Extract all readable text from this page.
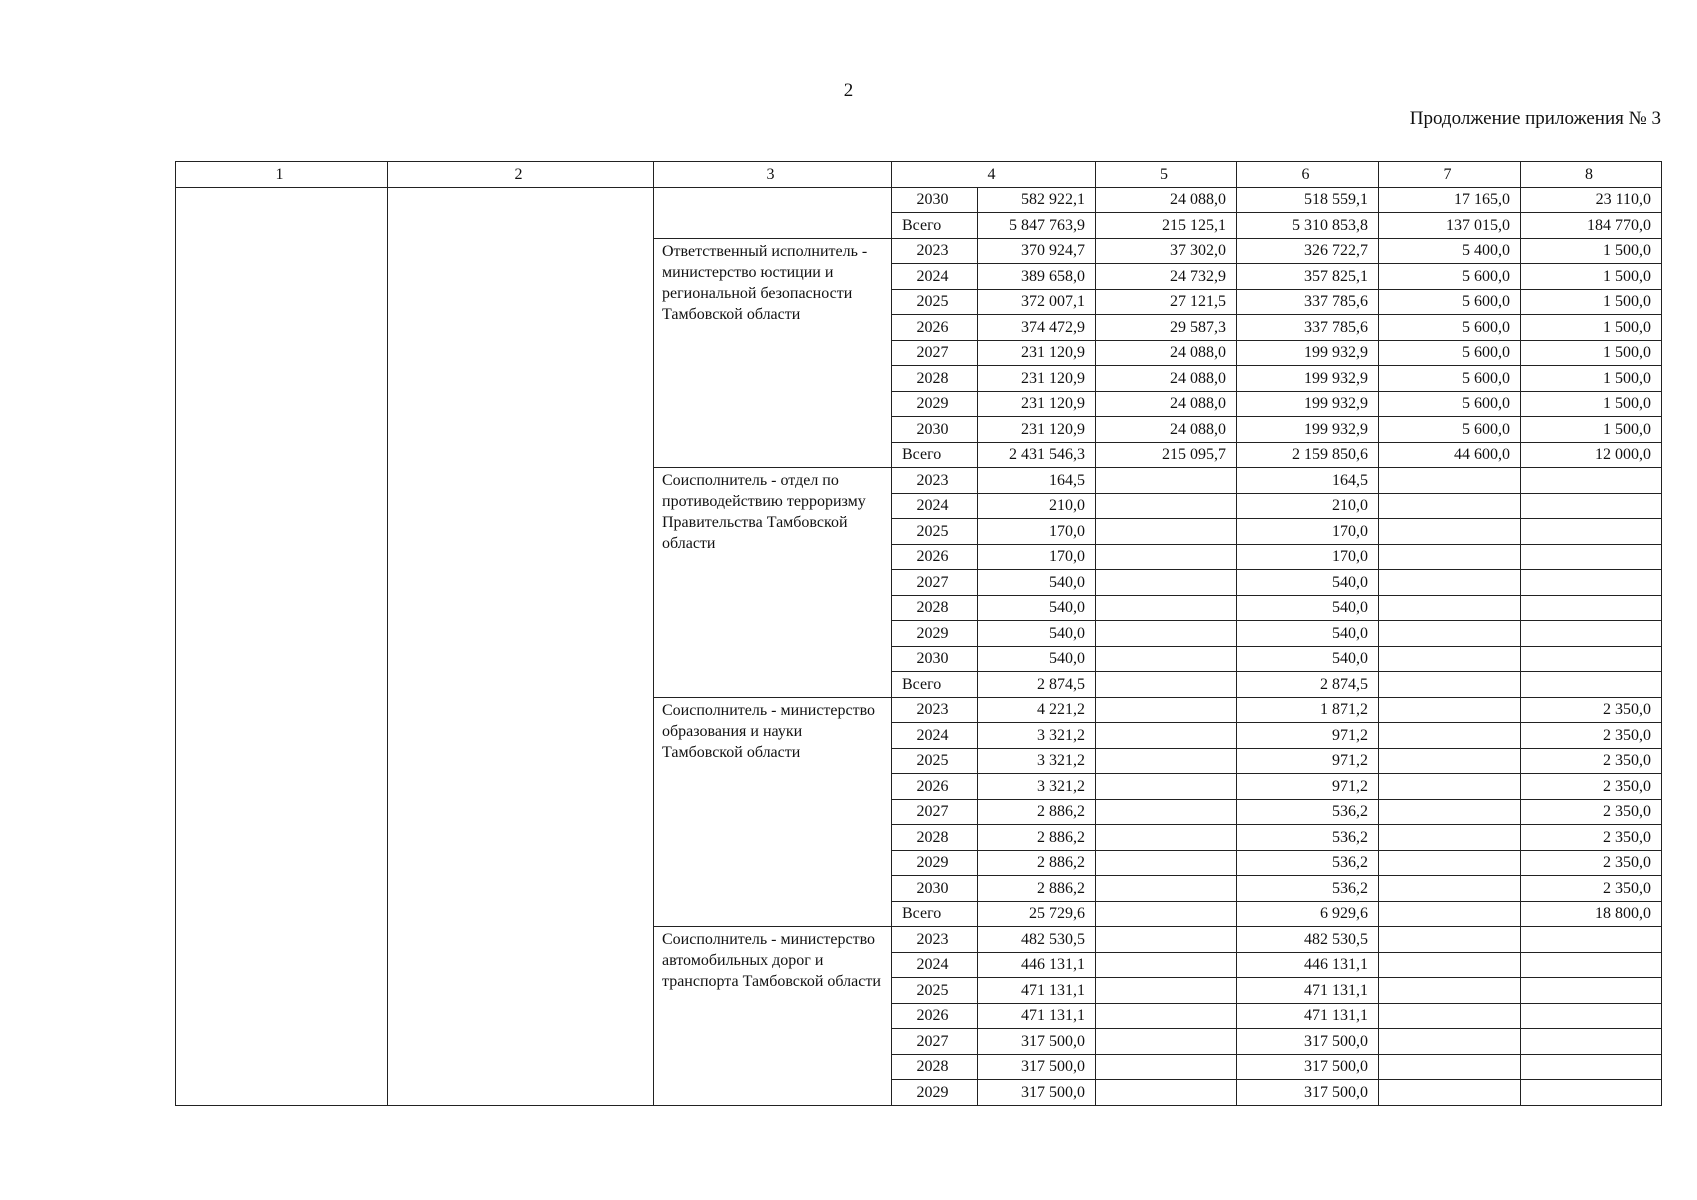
2
Продолжение приложения № 3
1	2	3	4		5	6	7	8
			2030	582 922,1	24 088,0	518 559,1	17 165,0	23 110,0
			Всего	5 847 763,9	215 125,1	5 310 853,8	137 015,0	184 770,0
		Ответственный исполнитель - министерство юстиции и региональной безопасности Тамбовской области	2023	370 924,7	37 302,0	326 722,7	5 400,0	1 500,0
			2024	389 658,0	24 732,9	357 825,1	5 600,0	1 500,0
			2025	372 007,1	27 121,5	337 785,6	5 600,0	1 500,0
			2026	374 472,9	29 587,3	337 785,6	5 600,0	1 500,0
			2027	231 120,9	24 088,0	199 932,9	5 600,0	1 500,0
			2028	231 120,9	24 088,0	199 932,9	5 600,0	1 500,0
			2029	231 120,9	24 088,0	199 932,9	5 600,0	1 500,0
			2030	231 120,9	24 088,0	199 932,9	5 600,0	1 500,0
			Всего	2 431 546,3	215 095,7	2 159 850,6	44 600,0	12 000,0
		Соисполнитель - отдел по противодействию терроризму Правительства Тамбовской области	2023	164,5		164,5		
			2024	210,0		210,0		
			2025	170,0		170,0		
			2026	170,0		170,0		
			2027	540,0		540,0		
			2028	540,0		540,0		
			2029	540,0		540,0		
			2030	540,0		540,0		
			Всего	2 874,5		2 874,5		
		Соисполнитель - министерство образования и науки Тамбовской области	2023	4 221,2		1 871,2		2 350,0
			2024	3 321,2		971,2		2 350,0
			2025	3 321,2		971,2		2 350,0
			2026	3 321,2		971,2		2 350,0
			2027	2 886,2		536,2		2 350,0
			2028	2 886,2		536,2		2 350,0
			2029	2 886,2		536,2		2 350,0
			2030	2 886,2		536,2		2 350,0
			Всего	25 729,6		6 929,6		18 800,0
		Соисполнитель - министерство автомобильных дорог и транспорта Тамбовской области	2023	482 530,5		482 530,5		
			2024	446 131,1		446 131,1		
			2025	471 131,1		471 131,1		
			2026	471 131,1		471 131,1		
			2027	317 500,0		317 500,0		
			2028	317 500,0		317 500,0		
			2029	317 500,0		317 500,0		
